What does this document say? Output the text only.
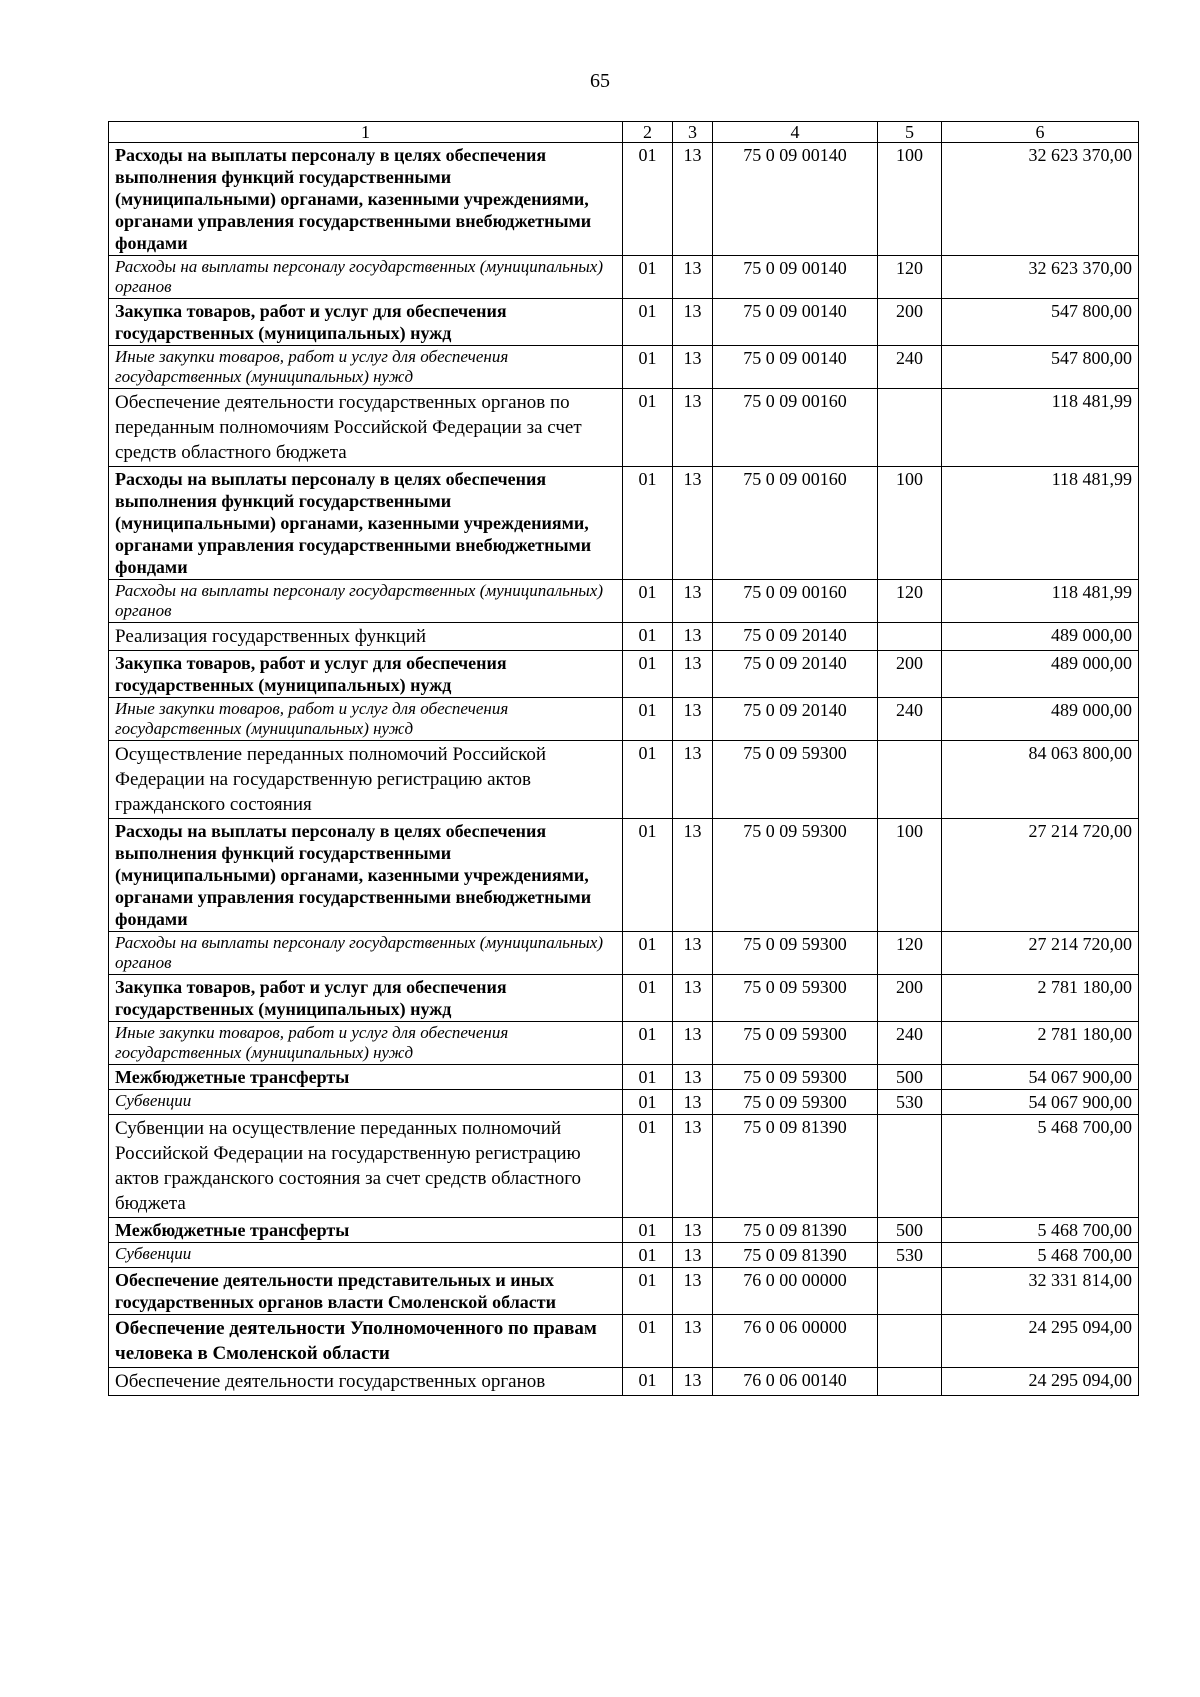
65
1	2	3	4	5	6
Расходы на выплаты персоналу в целях обеспечения выполнения функций государственными (муниципальными) органами, казенными учреждениями, органами управления государственными внебюджетными фондами	01	13	75 0 09 00140	100	32 623 370,00
Расходы на выплаты персоналу государственных (муниципальных) органов	01	13	75 0 09 00140	120	32 623 370,00
Закупка товаров, работ и услуг для обеспечения государственных (муниципальных) нужд	01	13	75 0 09 00140	200	547 800,00
Иные закупки товаров, работ и услуг для обеспечения государственных (муниципальных) нужд	01	13	75 0 09 00140	240	547 800,00
Обеспечение деятельности государственных органов по переданным полномочиям Российской Федерации за счет средств областного бюджета	01	13	75 0 09 00160		118 481,99
Расходы на выплаты персоналу в целях обеспечения выполнения функций государственными (муниципальными) органами, казенными учреждениями, органами управления государственными внебюджетными фондами	01	13	75 0 09 00160	100	118 481,99
Расходы на выплаты персоналу государственных (муниципальных) органов	01	13	75 0 09 00160	120	118 481,99
Реализация государственных функций	01	13	75 0 09 20140		489 000,00
Закупка товаров, работ и услуг для обеспечения государственных (муниципальных) нужд	01	13	75 0 09 20140	200	489 000,00
Иные закупки товаров, работ и услуг для обеспечения государственных (муниципальных) нужд	01	13	75 0 09 20140	240	489 000,00
Осуществление переданных полномочий Российской Федерации на государственную регистрацию актов гражданского состояния	01	13	75 0 09 59300		84 063 800,00
Расходы на выплаты персоналу в целях обеспечения выполнения функций государственными (муниципальными) органами, казенными учреждениями, органами управления государственными внебюджетными фондами	01	13	75 0 09 59300	100	27 214 720,00
Расходы на выплаты персоналу государственных (муниципальных) органов	01	13	75 0 09 59300	120	27 214 720,00
Закупка товаров, работ и услуг для обеспечения государственных (муниципальных) нужд	01	13	75 0 09 59300	200	2 781 180,00
Иные закупки товаров, работ и услуг для обеспечения государственных (муниципальных) нужд	01	13	75 0 09 59300	240	2 781 180,00
Межбюджетные трансферты	01	13	75 0 09 59300	500	54 067 900,00
Субвенции	01	13	75 0 09 59300	530	54 067 900,00
Субвенции на осуществление переданных полномочий Российской Федерации на государственную регистрацию актов гражданского состояния за счет средств областного бюджета	01	13	75 0 09 81390		5 468 700,00
Межбюджетные трансферты	01	13	75 0 09 81390	500	5 468 700,00
Субвенции	01	13	75 0 09 81390	530	5 468 700,00
Обеспечение деятельности представительных и иных государственных органов власти Смоленской области	01	13	76 0 00 00000		32 331 814,00
Обеспечение деятельности Уполномоченного по правам человека в Смоленской области	01	13	76 0 06 00000		24 295 094,00
Обеспечение деятельности государственных органов	01	13	76 0 06 00140		24 295 094,00
